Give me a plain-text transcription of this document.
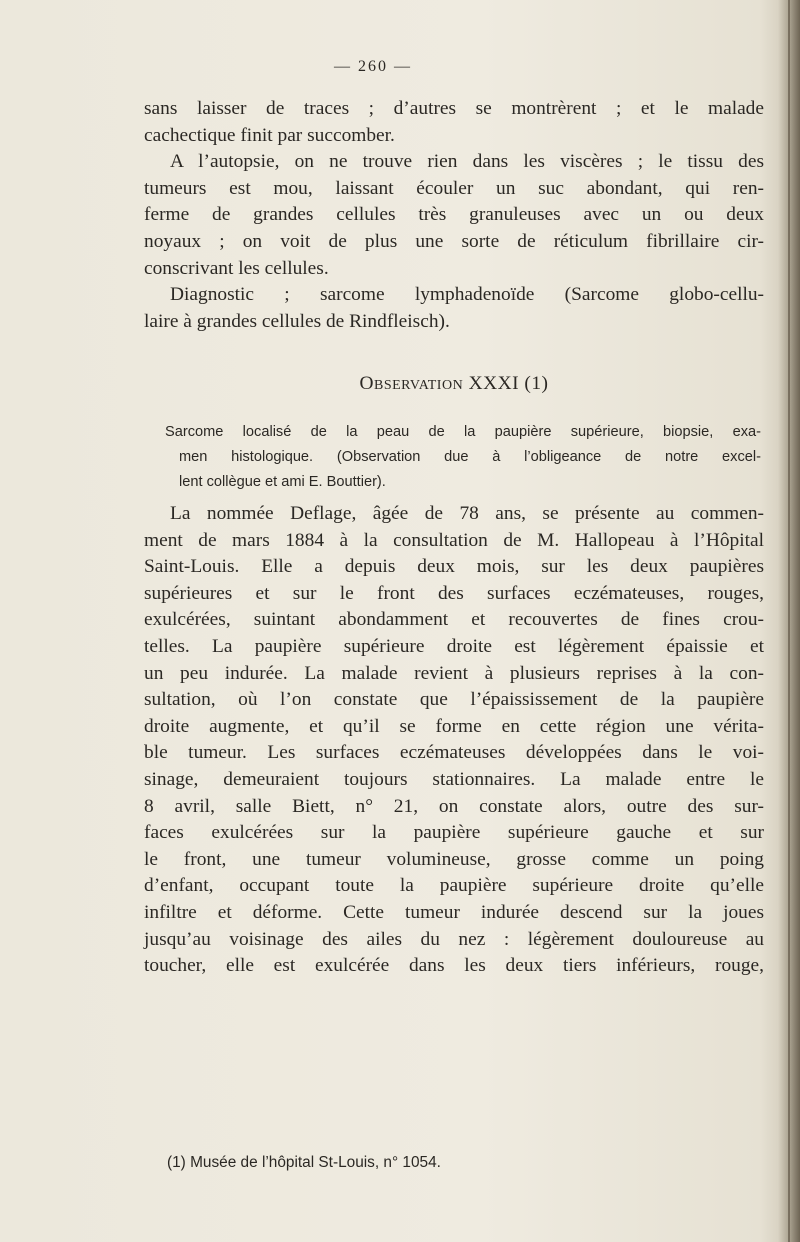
— 260 —

sans laisser de traces ; d’autres se montrèrent ; et le malade
cachectique finit par succomber.

A l’autopsie, on ne trouve rien dans les viscères ; le tissu des
tumeurs est mou, laissant écouler un suc abondant, qui ren-
ferme de grandes cellules très granuleuses avec un ou deux
noyaux ; on voit de plus une sorte de réticulum fibrillaire cir-
conscrivant les cellules.

Diagnostic ; sarcome lymphadenoïde (Sarcome globo-cellu-
laire à grandes cellules de Rindfleisch).

Observation XXXI (1)
Sarcome localisé de la peau de la paupière supérieure, biopsie, exa-
men histologique. (Observation due à l’obligeance de notre excel-
lent collègue et ami E. Bouttier).

La nommée Deflage, âgée de 78 ans, se présente au commen-
ment de mars 1884 à la consultation de M. Hallopeau à l’Hôpital
Saint-Louis. Elle a depuis deux mois, sur les deux paupières
supérieures et sur le front des surfaces eczémateuses, rouges,
exulcérées, suintant abondamment et recouvertes de fines crou-
telles. La paupière supérieure droite est légèrement épaissie et
un peu indurée. La malade revient à plusieurs reprises à la con-
sultation, où l’on constate que l’épaississement de la paupière
droite augmente, et qu’il se forme en cette région une vérita-
ble tumeur. Les surfaces eczémateuses développées dans le voi-
sinage, demeuraient toujours stationnaires. La malade entre le
8 avril, salle Biett, n° 21, on constate alors, outre des sur-
faces exulcérées sur la paupière supérieure gauche et sur
le front, une tumeur volumineuse, grosse comme un poing
d’enfant, occupant toute la paupière supérieure droite qu’elle
infiltre et déforme. Cette tumeur indurée descend sur la joues
jusqu’au voisinage des ailes du nez : légèrement douloureuse au
toucher, elle est exulcérée dans les deux tiers inférieurs, rouge,

(1) Musée de l’hôpital St-Louis, n° 1054.
